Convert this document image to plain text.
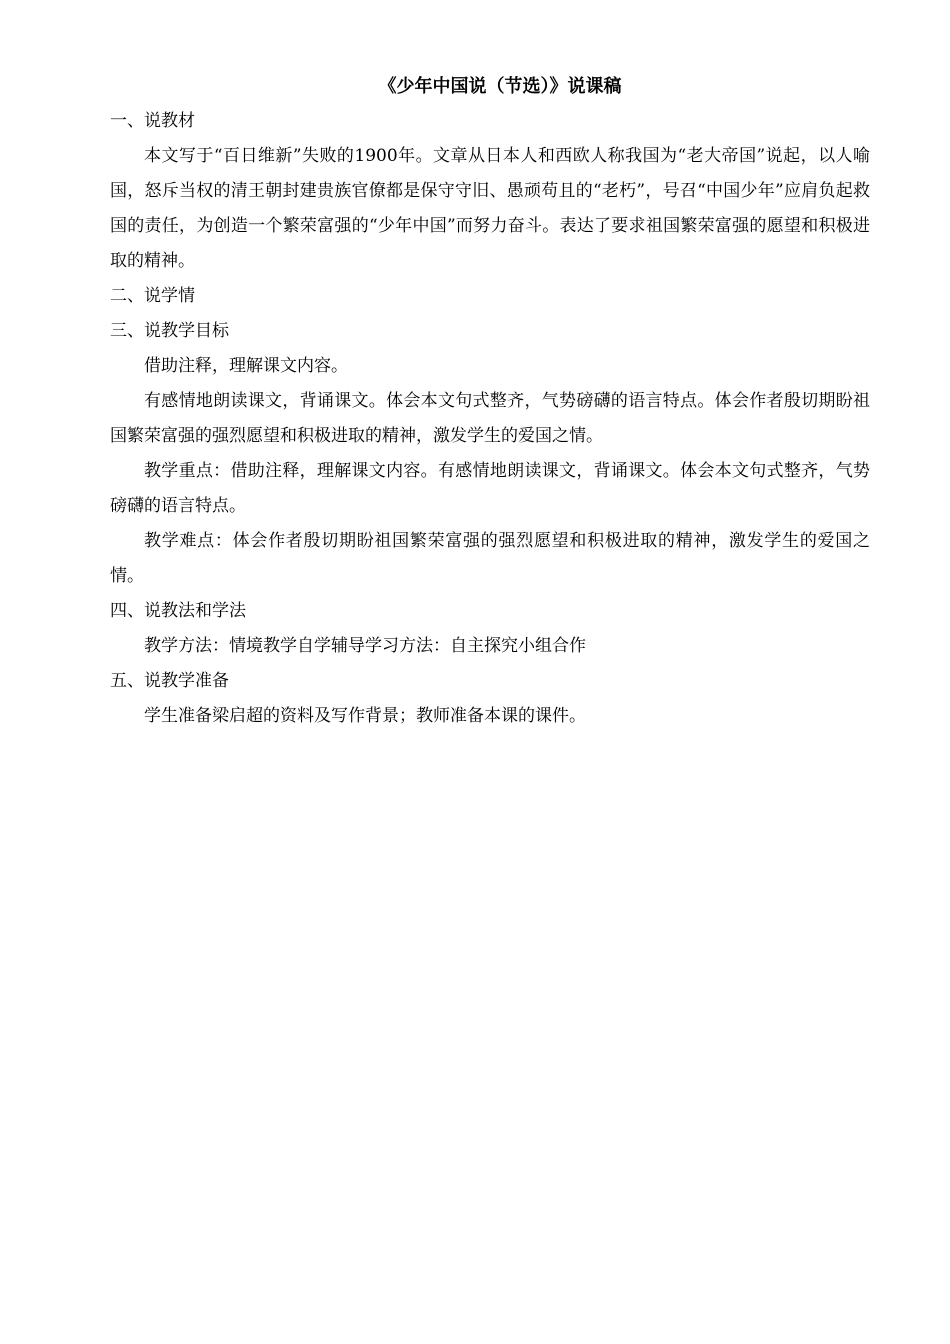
《少年中国说（节选）》说课稿

一、说教材

本文写于“百日维新”失败的1900年。文章从日本人和西欧人称我国为“老大帝国”说起，以人喻国，怒斥当权的清王朝封建贵族官僚都是保守守旧、愚顽苟且的“老朽”，号召“中国少年”应肩负起救国的责任，为创造一个繁荣富强的“少年中国”而努力奋斗。表达了要求祖国繁荣富强的愿望和积极进取的精神。

二、说学情

三、说教学目标

借助注释，理解课文内容。

有感情地朗读课文，背诵课文。体会本文句式整齐，气势磅礴的语言特点。体会作者殷切期盼祖国繁荣富强的强烈愿望和积极进取的精神，激发学生的爱国之情。

教学重点：借助注释，理解课文内容。有感情地朗读课文，背诵课文。体会本文句式整齐，气势磅礴的语言特点。

教学难点：体会作者殷切期盼祖国繁荣富强的强烈愿望和积极进取的精神，激发学生的爱国之情。

四、说教法和学法

教学方法：情境教学自学辅导学习方法：自主探究小组合作

五、说教学准备

学生准备梁启超的资料及写作背景；教师准备本课的课件。
